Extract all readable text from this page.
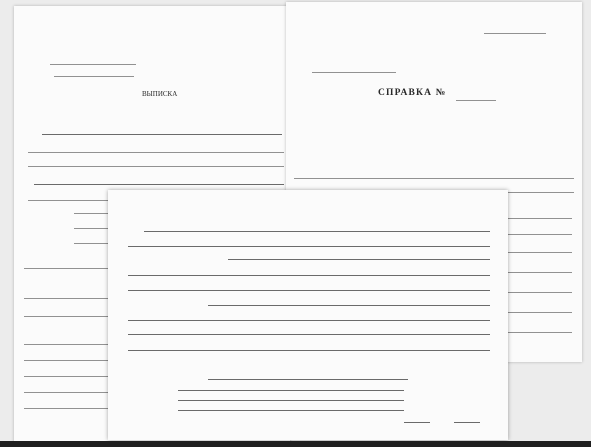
ВЫПИСКА	СПРАВКА №
